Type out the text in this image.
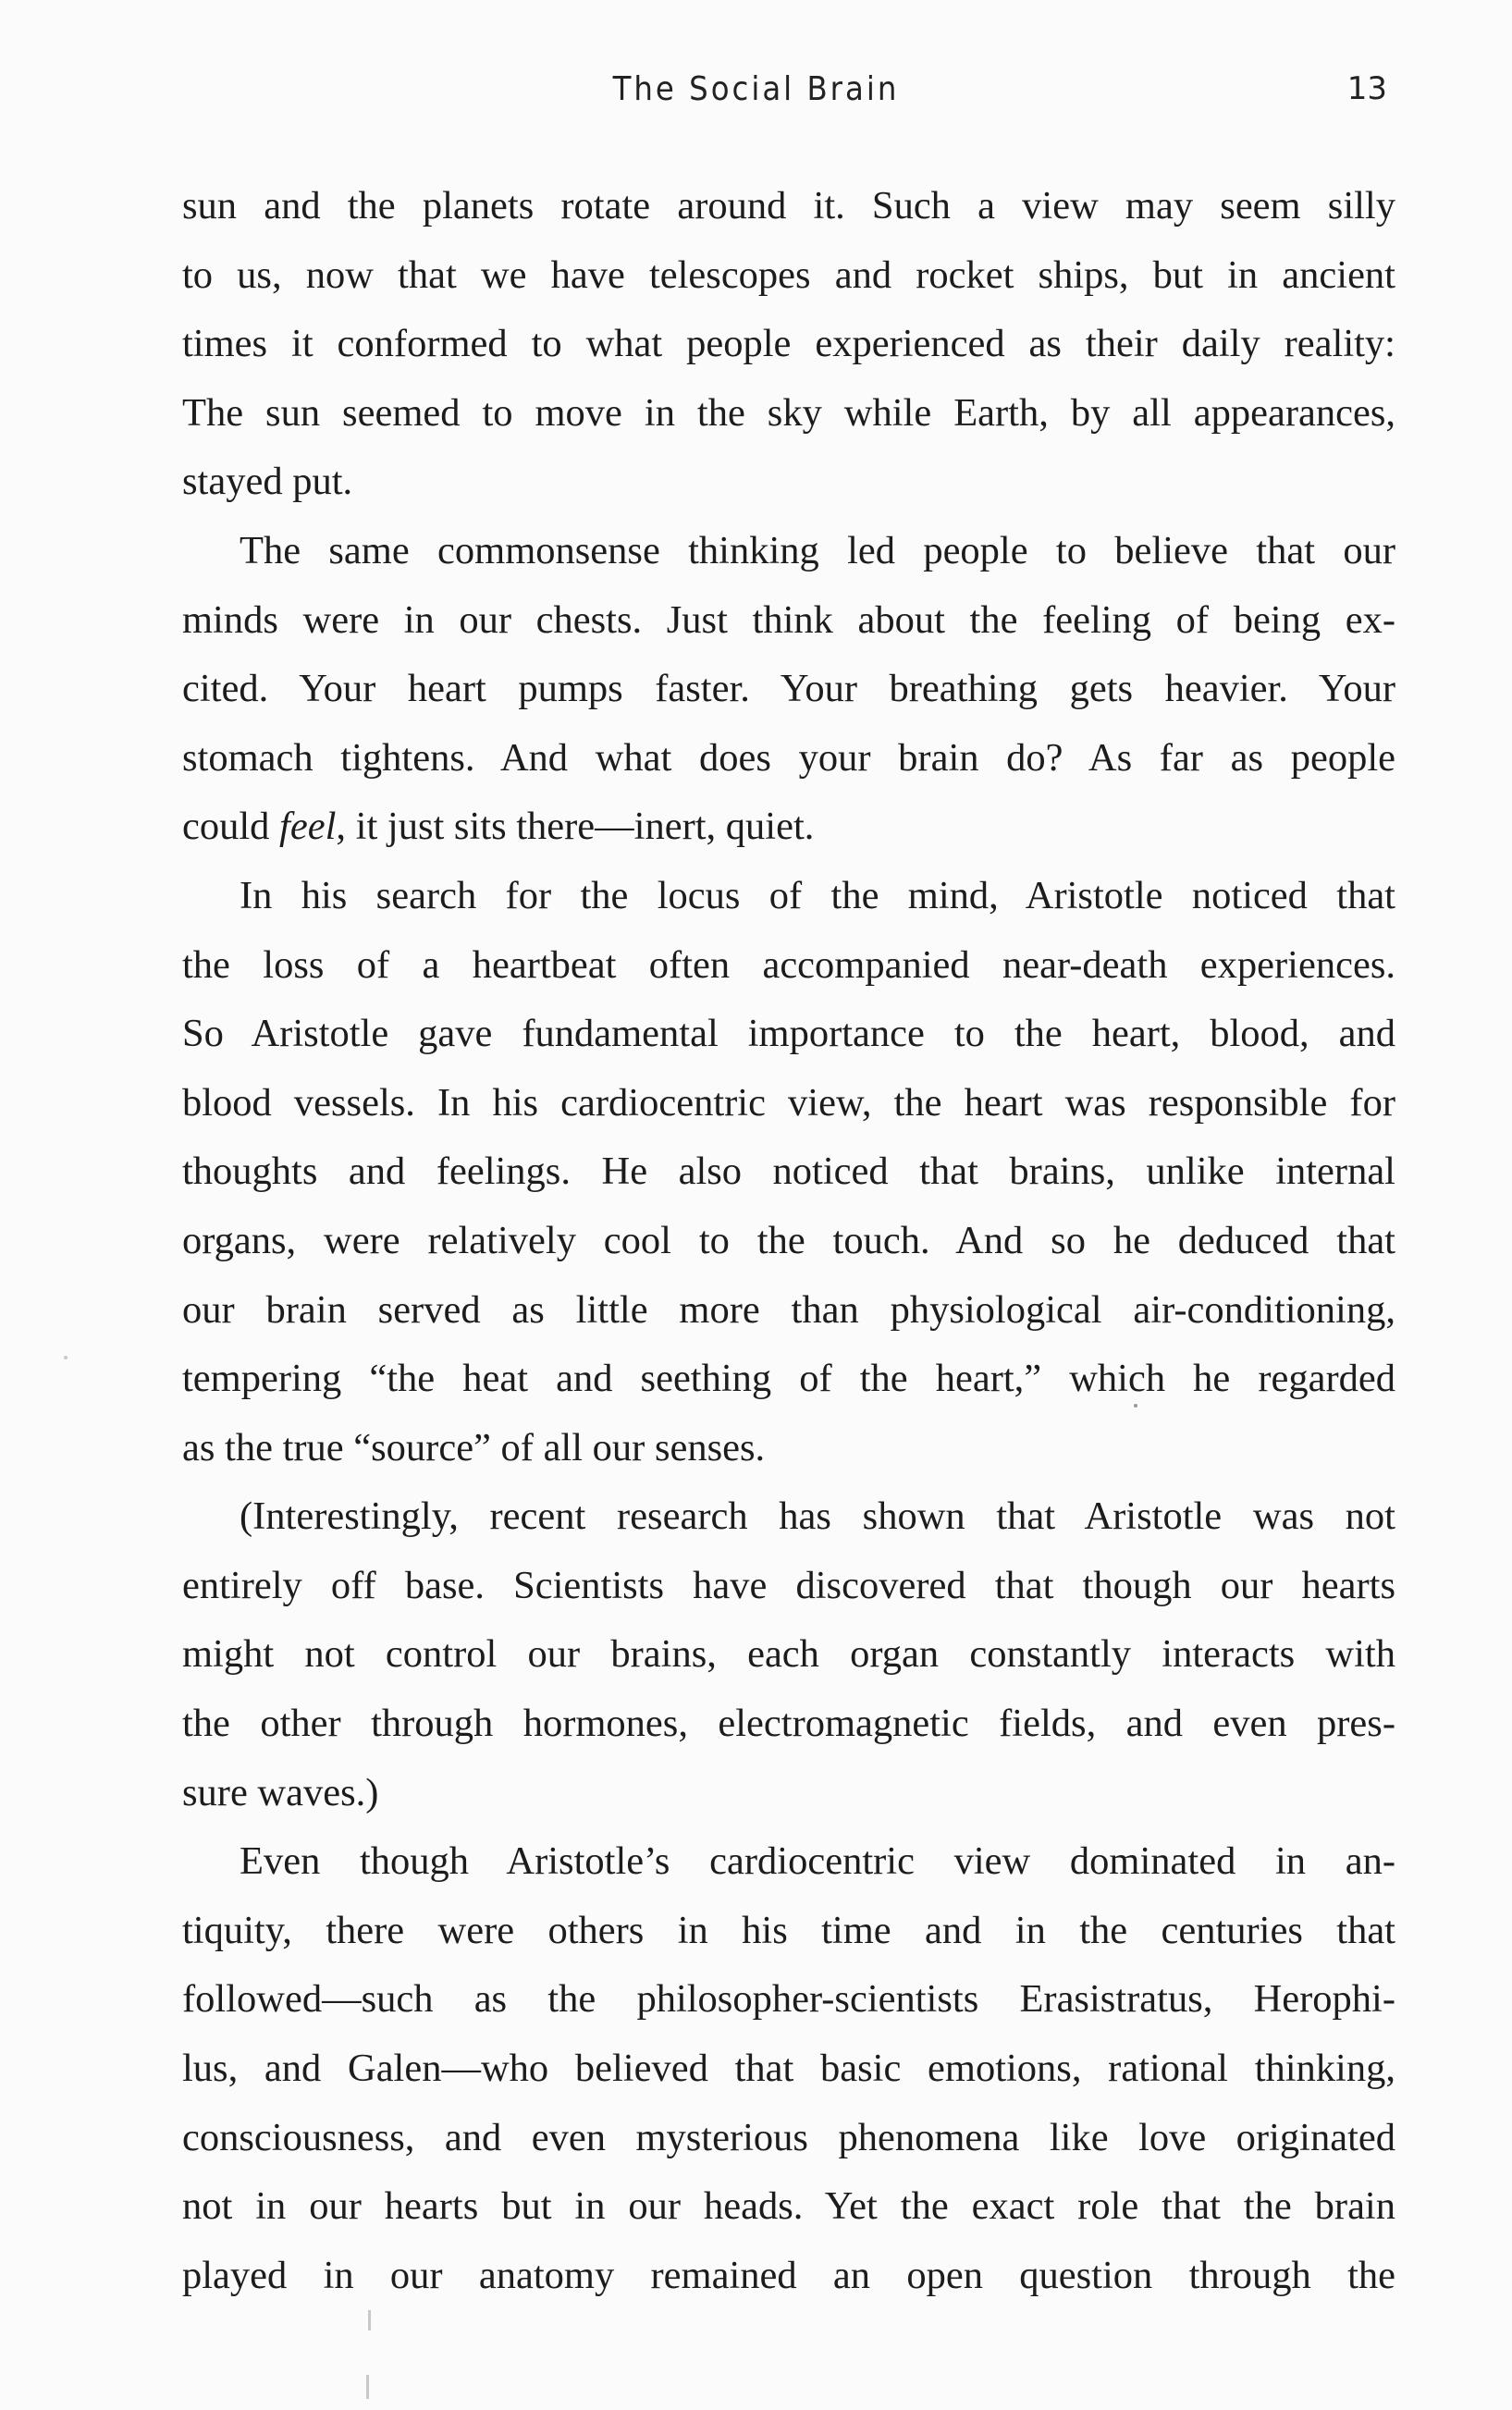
The Social Brain	13
sun and the planets rotate around it. Such a view may seem silly
to us, now that we have telescopes and rocket ships, but in ancient
times it conformed to what people experienced as their daily reality:
The sun seemed to move in the sky while Earth, by all appearances,
stayed put.
The same commonsense thinking led people to believe that our
minds were in our chests. Just think about the feeling of being ex-
cited. Your heart pumps faster. Your breathing gets heavier. Your
stomach tightens. And what does your brain do? As far as people
could feel, it just sits there—inert, quiet.
In his search for the locus of the mind, Aristotle noticed that
the loss of a heartbeat often accompanied near-death experiences.
So Aristotle gave fundamental importance to the heart, blood, and
blood vessels. In his cardiocentric view, the heart was responsible for
thoughts and feelings. He also noticed that brains, unlike internal
organs, were relatively cool to the touch. And so he deduced that
our brain served as little more than physiological air-conditioning,
tempering “the heat and seething of the heart,” which he regarded
as the true “source” of all our senses.
(Interestingly, recent research has shown that Aristotle was not
entirely off base. Scientists have discovered that though our hearts
might not control our brains, each organ constantly interacts with
the other through hormones, electromagnetic fields, and even pres-
sure waves.)
Even though Aristotle’s cardiocentric view dominated in an-
tiquity, there were others in his time and in the centuries that
followed—such as the philosopher-scientists Erasistratus, Herophi-
lus, and Galen—who believed that basic emotions, rational thinking,
consciousness, and even mysterious phenomena like love originated
not in our hearts but in our heads. Yet the exact role that the brain
played in our anatomy remained an open question through the
